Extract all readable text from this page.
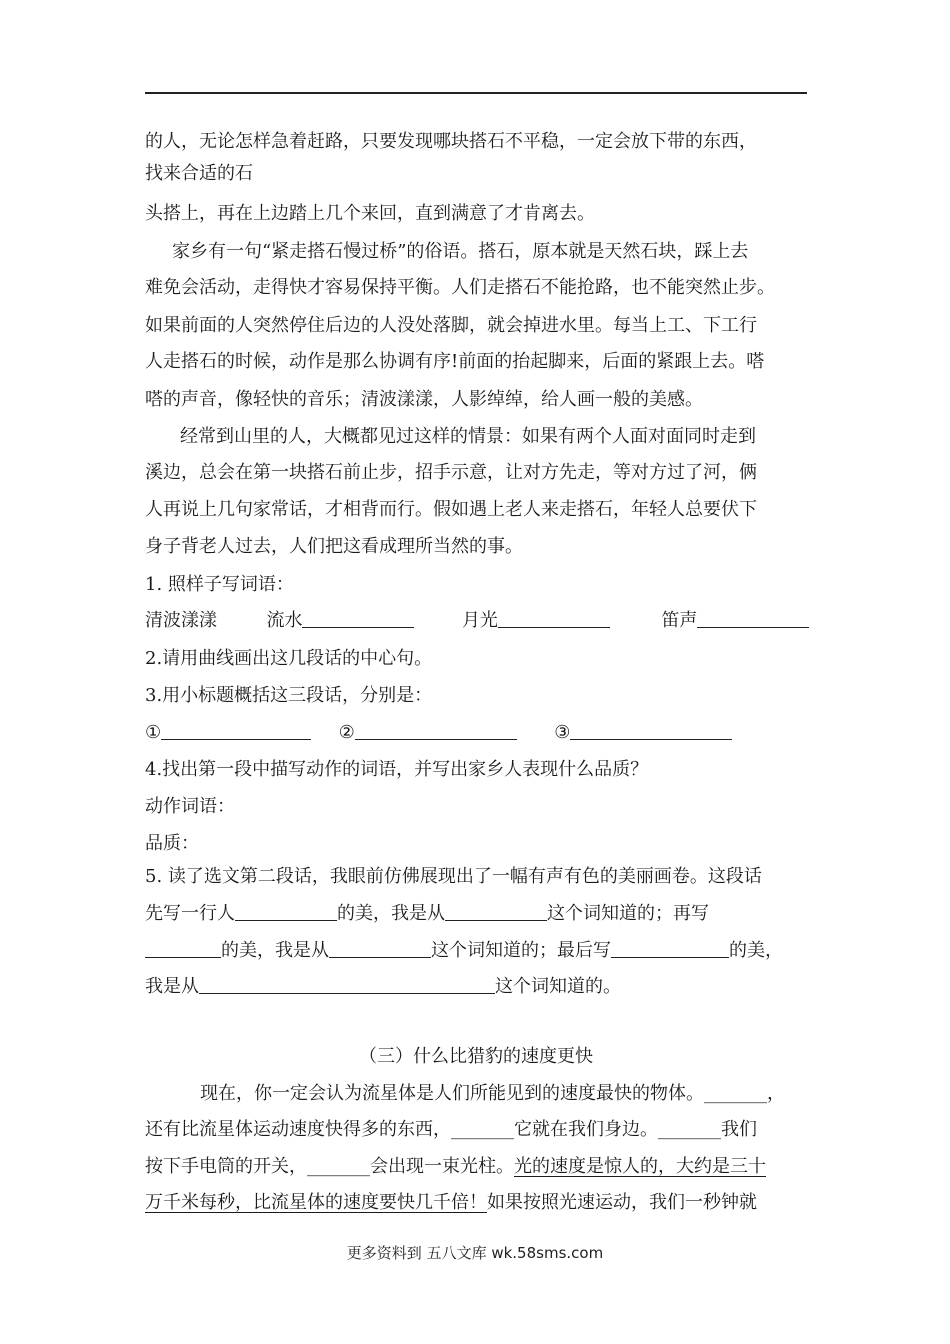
的人，无论怎样急着赶路，只要发现哪块搭石不平稳，一定会放下带的东西，
找来合适的石
头搭上，再在上边踏上几个来回，直到满意了才肯离去。
家乡有一句“紧走搭石慢过桥”的俗语。搭石，原本就是天然石块，踩上去
难免会活动，走得快才容易保持平衡。人们走搭石不能抢路，也不能突然止步。
如果前面的人突然停住后边的人没处落脚，就会掉进水里。每当上工、下工行
人走搭石的时候，动作是那么协调有序!前面的抬起脚来，后面的紧跟上去。嗒
嗒的声音，像轻快的音乐；清波漾漾，人影绰绰，给人画一般的美感。
经常到山里的人，大概都见过这样的情景：如果有两个人面对面同时走到
溪边，总会在第一块搭石前止步，招手示意，让对方先走，等对方过了河，俩
人再说上几句家常话，才相背而行。假如遇上老人来走搭石，年轻人总要伏下
身子背老人过去，人们把这看成理所当然的事。
1. 照样子写词语：
清波漾漾	流水	月光	笛声
2.请用曲线画出这几段话的中心句。
3.用小标题概括这三段话，分别是：
①	②	③
4.找出第一段中描写动作的词语，并写出家乡人表现什么品质？
动作词语：
品质：
5. 读了选文第二段话，我眼前仿佛展现出了一幅有声有色的美丽画卷。这段话
先写一行人	的美，我是从	这个词知道的；再写
的美，我是从	这个词知道的；最后写	的美，
我是从	这个词知道的。
（三）什么比猎豹的速度更快
现在，你一定会认为流星体是人们所能见到的速度最快的物体。_______，
还有比流星体运动速度快得多的东西，_______它就在我们身边。_______我们
按下手电筒的开关，_______会出现一束光柱。光的速度是惊人的，大约是三十
万千米每秒，比流星体的速度要快几千倍！如果按照光速运动，我们一秒钟就
更多资料到 五八文库 wk.58sms.com
